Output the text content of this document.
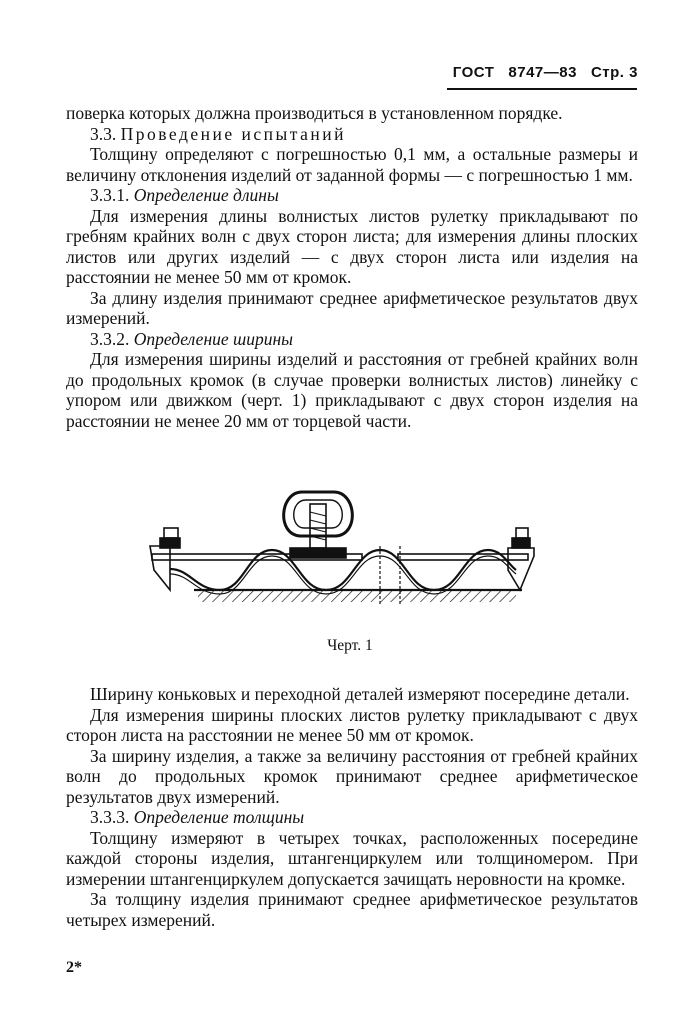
ГОСТ 8747—83 Стр. 3

поверка которых должна производиться в установленном порядке.

3.3. Проведение испытаний

Толщину определяют с погрешностью 0,1 мм, а остальные размеры и величину отклонения изделий от заданной формы — с погрешностью 1 мм.

3.3.1. Определение длины

Для измерения длины волнистых листов рулетку прикладывают по гребням крайних волн с двух сторон листа; для измерения длины плоских листов или других изделий — с двух сторон листа или изделия на расстоянии не менее 50 мм от кромок.

За длину изделия принимают среднее арифметическое результатов двух измерений.

3.3.2. Определение ширины

Для измерения ширины изделий и расстояния от гребней крайних волн до продольных кромок (в случае проверки волнистых листов) линейку с упором или движком (черт. 1) прикладывают с двух сторон изделия на расстоянии не менее 20 мм от торцевой части.

Черт. 1

Ширину коньковых и переходной деталей измеряют посередине детали.

Для измерения ширины плоских листов рулетку прикладывают с двух сторон листа на расстоянии не менее 50 мм от кромок.

За ширину изделия, а также за величину расстояния от гребней крайних волн до продольных кромок принимают среднее арифметическое результатов двух измерений.

3.3.3. Определение толщины

Толщину измеряют в четырех точках, расположенных посередине каждой стороны изделия, штангенциркулем или толщиномером. При измерении штангенциркулем допускается зачищать неровности на кромке.

За толщину изделия принимают среднее арифметическое результатов четырех измерений.

2*
